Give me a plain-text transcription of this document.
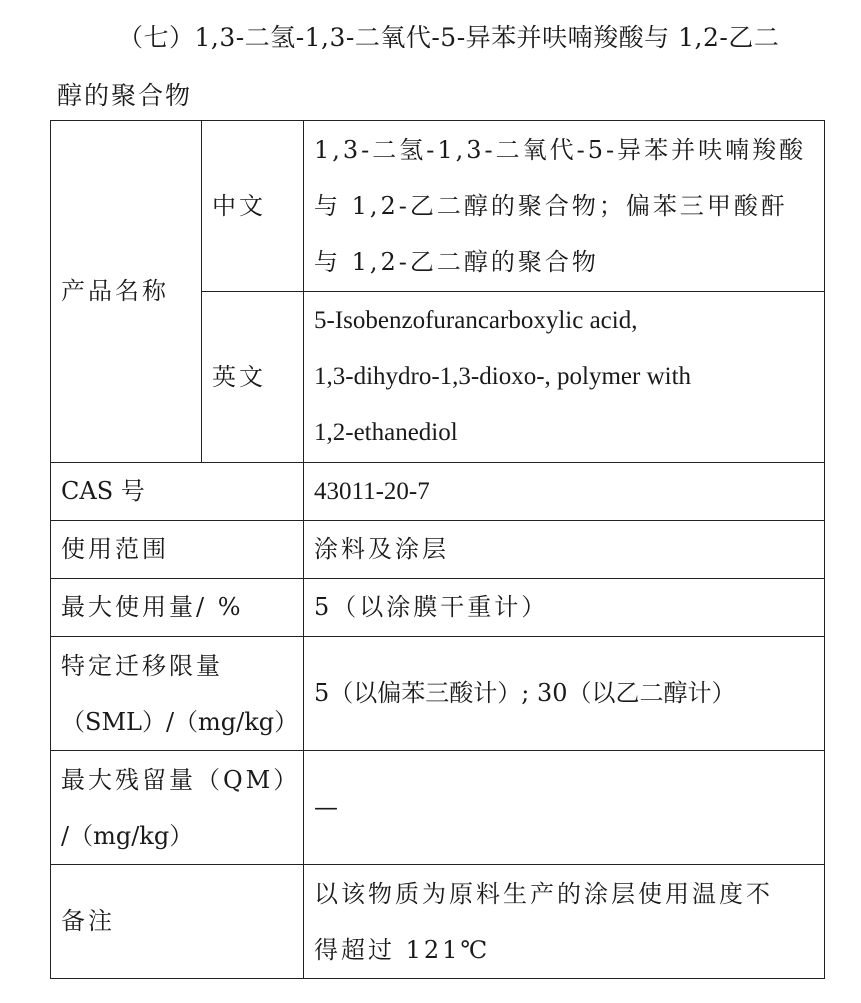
（七）1,3-二氢-1,3-二氧代-5-异苯并呋喃羧酸与 1,2-乙二
醇的聚合物
产品名称	中文	1,3-二氢-1,3-二氧代-5-异苯并呋喃羧酸
与 1,2-乙二醇的聚合物；偏苯三甲酸酐
与 1,2-乙二醇的聚合物

	英文	5-Isobenzofurancarboxylic acid,
1,3-dihydro-1,3-dioxo-, polymer with
1,2-ethanediol

CAS 号		43011-20-7
使用范围		涂料及涂层
最大使用量/ %		5（以涂膜干重计）

特定迁移限量
（SML）/（mg/kg）		5（以偏苯三酸计）; 30（以乙二醇计）

最大残留量（QM）
/（mg/kg）		—
备注		以该物质为原料生产的涂层使用温度不
得超过 121℃
